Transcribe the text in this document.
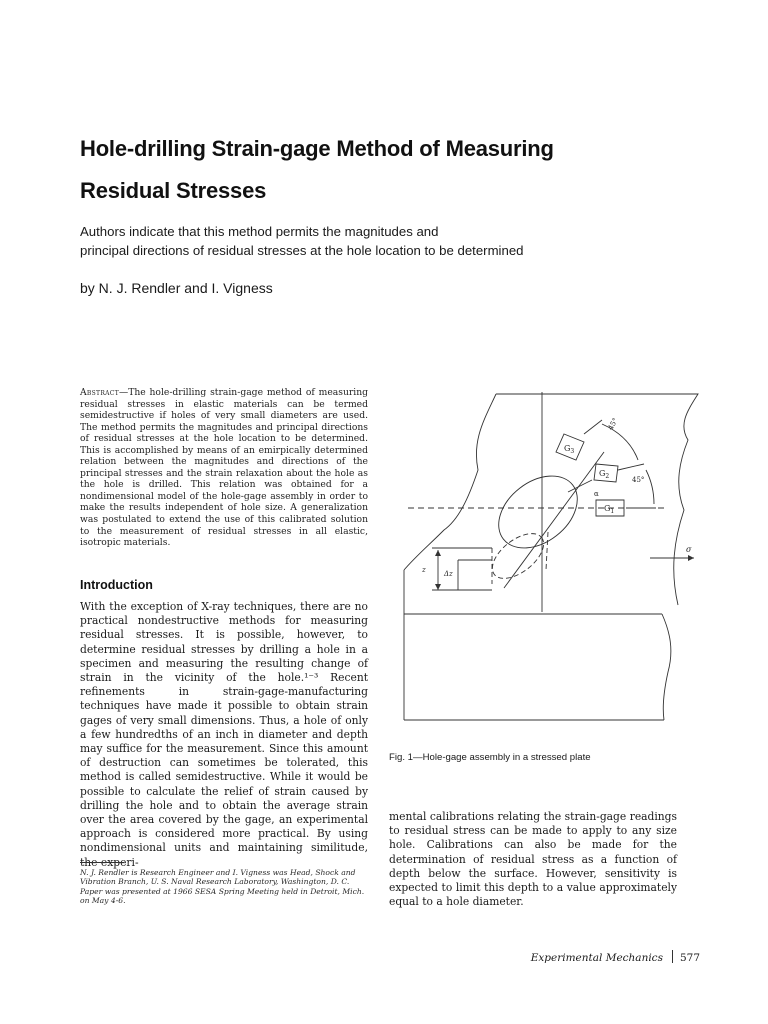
Hole-drilling Strain-gage Method of Measuring
Residual Stresses
Authors indicate that this method permits the magnitudes and
principal directions of residual stresses at the hole location to be determined
by N. J. Rendler and I. Vigness

Abstract—The hole-drilling strain-gage method of measuring residual stresses in elastic materials can be termed semidestructive if holes of very small diameters are used. The method permits the magnitudes and principal directions of residual stresses at the hole location to be determined. This is accomplished by means of an emirpically determined relation between the magnitudes and directions of the principal stresses and the strain relaxation about the hole as the hole is drilled. This relation was obtained for a nondimensional model of the hole-gage assembly in order to make the results independent of hole size. A generalization was postulated to extend the use of this calibrated solution to the measurement of residual stresses in all elastic, isotropic materials.

Introduction

With the exception of X-ray techniques, there are no practical nondestructive methods for measuring residual stresses. It is possible, however, to determine residual stresses by drilling a hole in a specimen and measuring the resulting change of strain in the vicinity of the hole.¹⁻³ Recent refinements in strain-gage-manufacturing techniques have made it possible to obtain strain gages of very small dimensions. Thus, a hole of only a few hundredths of an inch in diameter and depth may suffice for the measurement. Since this amount of destruction can sometimes be tolerated, this method is called semidestructive. While it would be possible to calculate the relief of strain caused by drilling the hole and to obtain the average strain over the area covered by the gage, an experimental approach is considered more practical. By using nondimensional units and maintaining similitude, the experi-

N. J. Rendler is Research Engineer and I. Vigness was Head, Shock and Vibration Branch, U. S. Naval Research Laboratory, Washington, D. C.
Paper was presented at 1966 SESA Spring Meeting held in Detroit, Mich. on May 4-6.
$G_3$
$G_2$
$G_1$
45°
45°
α
σ
z	Δz
Fig. 1—Hole-gage assembly in a stressed plate

mental calibrations relating the strain-gage readings to residual stress can be made to apply to any size hole. Calibrations can also be made for the determination of residual stress as a function of depth below the surface. However, sensitivity is expected to limit this depth to a value approximately equal to a hole diameter.

Experimental Mechanics 577
